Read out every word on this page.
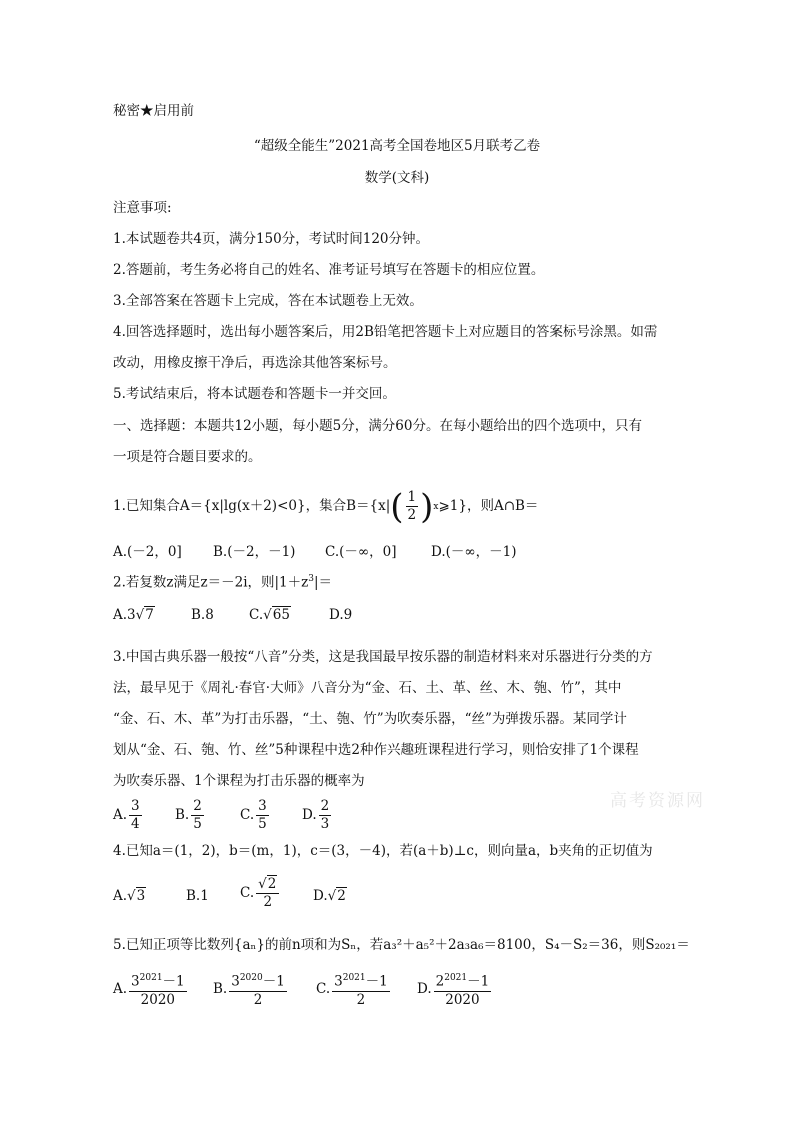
秘密★启用前
“超级全能生”2021高考全国卷地区5月联考乙卷
数学(文科)
注意事项:
1.本试题卷共4页，满分150分，考试时间120分钟。
2.答题前，考生务必将自己的姓名、准考证号填写在答题卡的相应位置。
3.全部答案在答题卡上完成，答在本试题卷上无效。
4.回答选择题时，选出每小题答案后，用2B铅笔把答题卡上对应题目的答案标号涂黑。如需
改动，用橡皮擦干净后，再选涂其他答案标号。
5.考试结束后，将本试题卷和答题卡一并交回。
一、选择题：本题共12小题，每小题5分，满分60分。在每小题给出的四个选项中，只有
一项是符合题目要求的。
1.已知集合A＝{x|lg(x＋2)<0}，集合B＝{x| ( $\frac{1}{2}$ ) x ⩾1}，则A∩B＝
A.(－2，0] B.(－2，－1) C.(－∞，0]	D.(－∞，－1)
2.若复数z满足z＝－2i，则$|1+z^3|=$
A.3√7	B.8	C.√65	D.9
3.中国古典乐器一般按“八音”分类，这是我国最早按乐器的制造材料来对乐器进行分类的方
法，最早见于《周礼·春官·大师》八音分为“金、石、土、革、丝、木、匏、竹”，其中
“金、石、木、革”为打击乐器，“土、匏、竹”为吹奏乐器，“丝”为弹拨乐器。某同学计
划从“金、石、匏、竹、丝”5种课程中选2种作兴趣班课程进行学习，则恰安排了1个课程
为吹奏乐器、1个课程为打击乐器的概率为
A. $\frac{3}{4} B$. $\frac{2}{5}$	C. $\frac{3}{5} D$. $\frac{2}{3}$
4.已知a＝(1，2)，b＝(m，1)，c＝(3，－4)，若(a＋b)⊥c，则向量a，b夹角的正切值为
A.√3	B.1 C. $\frac{√2}{2} D.√2$
5.已知正项等比数列{aₙ}的前n项和为Sₙ，若a₃²＋a₅²＋2a₃a₆＝8100，S₄－S₂＝36，则S₂₀₂₁＝
A. $\frac{3^{2021}-1}{2020} B$. $\frac{3^{2020}-1}{2} C$. $\frac{3^{2021}-1}{2} D$. $\frac{2^{2021}-1}{2020}$
高考资源网
